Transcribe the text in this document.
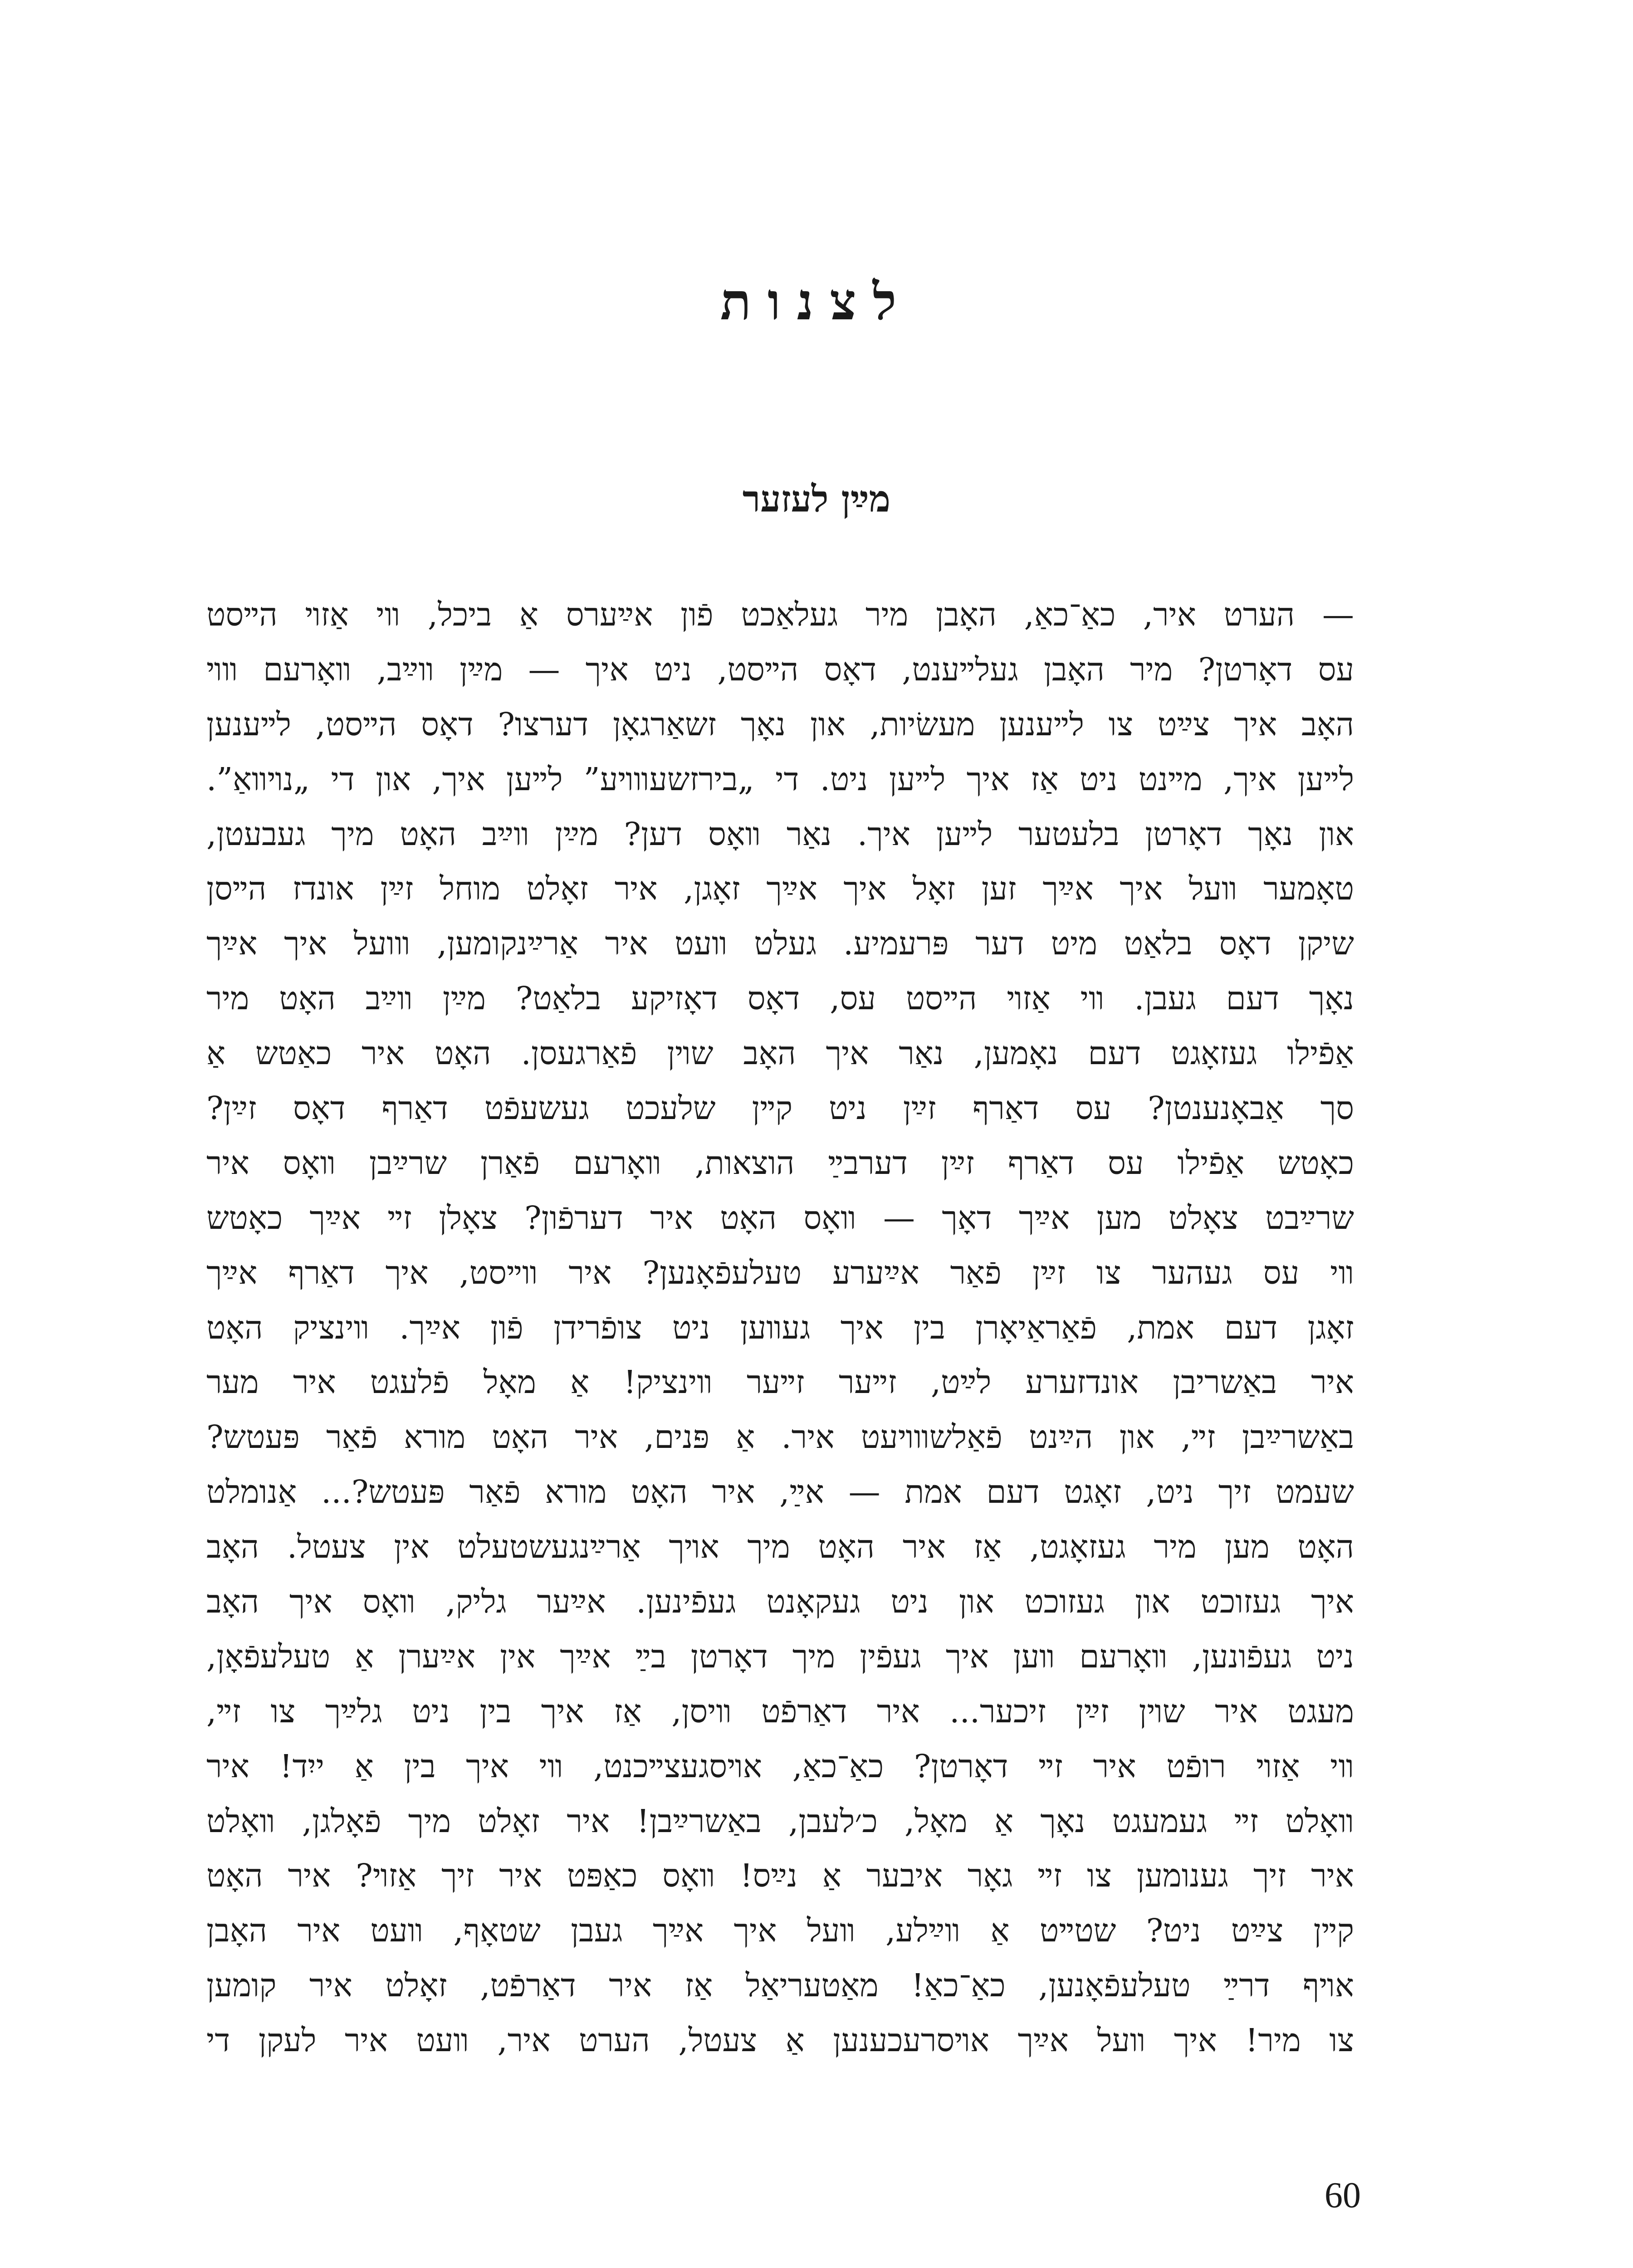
לצנות
מײַן לעזער
— הערט איר, כאַ־כאַ, האָבן מיר געלאַכט פֿון אײַערס אַ ביכל, װי אַזױ הײסט
עס דאָרטן? מיר האָבן געלײענט, דאָס הײסט, ניט איך — מײַן װײַב, װאָרעם װױ
האָב איך צײַט צו לײענען מעשׂיות, און נאָך זשאַרגאָן דערצו? דאָס הײסט, לײענען
לײען איך, מײנט ניט אַז איך לײען ניט. די „בירזשעװױע” לײען איך, און די „נױװאַ”.
און נאָך דאָרטן בלעטער לײען איך. נאַר װאָס דען? מײַן װײַב האָט מיך געבעטן,
טאָמער װעל איך אײַך זען זאָל איך אײַך זאָגן, איר זאָלט מוחל זײַן אונדז הײסן
שיקן דאָס בלאַט מיט דער פּרעמיע. געלט װעט איר אַרײַנקומען, װועל איך אײַך
נאָך דעם געבן. װי אַזױ הײסט עס, דאָס דאָזיקע בלאַט? מײַן װײַב האָט מיר
אַפֿילו געזאָגט דעם נאָמען, נאַר איך האָב שױן פֿאַרגעסן. האָט איר כאַטש אַ
סך אַבאָנענטן? עס דאַרף זײַן ניט קײן שלעכט געשעפֿט דאַרף דאָס זײַן?
כאָטש אַפֿילו עס דאַרף זײַן דערבײַ הוצאות, װאָרעם פֿאַרן שרײַבן װאָס איר
שרײַבט צאָלט מען אײַך דאָך — װאָס האָט איר דערפֿון? צאָלן זײ אײַך כאָטש
װי עס געהער צו זײַן פֿאַר אײַערע טעלעפֿאָנען? איר װײסט, איך דאַרף אײַך
זאָגן דעם אמת, פֿאַראַיאָרן בין איך געװען ניט צופֿרידן פֿון אײַך. װינציק האָט
איר באַשריבן אונדזערע לײַט, זײער זײער װינציק! אַ מאָל פֿלעגט איר מער
באַשרײַבן זײ, און הײַנט פֿאַלשװױעט איר. אַ פּנים, איר האָט מורא פֿאַר פּעטש?
שעמט זיך ניט, זאָגט דעם אמת — אײַ, איר האָט מורא פֿאַר פּעטש?... אַנומלט
האָט מען מיר געזאָגט, אַז איר האָט מיך אױך אַרײַנגעשטעלט אין צעטל. האָב
איך געזוכט און געזוכט און ניט געקאָנט געפֿינען. אײַער גליק, װאָס איך האָב
ניט געפֿונען, װאָרעם װען איך געפֿין מיך דאָרטן בײַ אײַך אין אײַערן אַ טעלעפֿאָן,
מעגט איר שױן זײַן זיכער... איר דאַרפֿט װיסן, אַז איך בין ניט גלײַך צו זײ,
װי אַזױ רופֿט איר זײ דאָרטן? כאַ־כאַ, אױסגעצײכנט, װי איך בין אַ ייִד! איר
װאָלט זײ געמעגט נאָך אַ מאָל, כ׳לעבן, באַשרײַבן! איר זאָלט מיך פֿאָלגן, װאָלט
איר זיך גענומען צו זײ גאָר איבער אַ נײַס! װאָס כאַפּט איר זיך אַזױ? איר האָט
קײן צײַט ניט? שטײט אַ װײַלע, װעל איך אײַך געבן שטאָף, װעט איר האָבן
אױף דרײַ טעלעפֿאָנען, כאַ־כאַ! מאַטעריאַל אַז איר דאַרפֿט, זאָלט איר קומען
צו מיר! איך װעל אײַך אױסרעכענען אַ צעטל, הערט איר, װעט איר לעקן די
60
